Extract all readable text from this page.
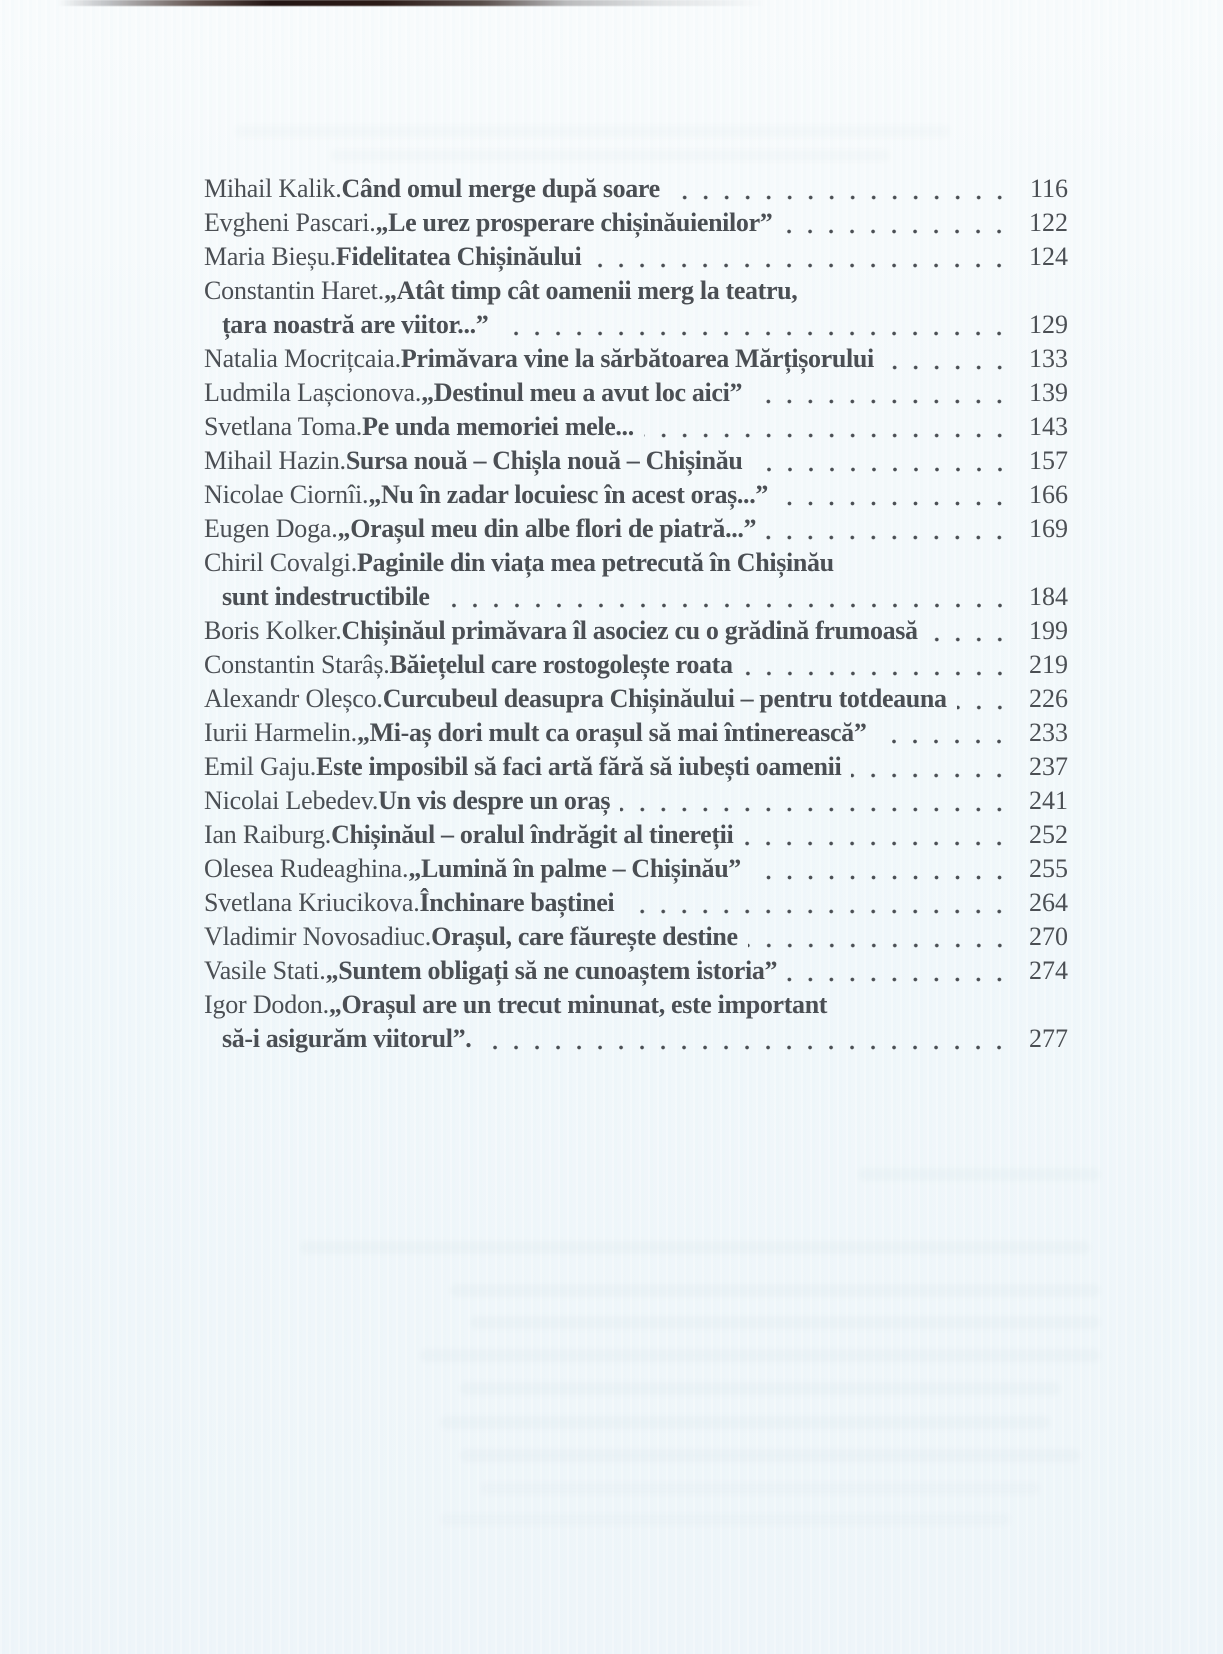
Mihail Kalik. Când omul merge după soare	116
Evgheni Pascari. „Le urez prosperare chișinăuienilor”	122
Maria Bieșu. Fidelitatea Chișinăului	124
Constantin Haret. „Atât timp cât oamenii merg la teatru,
țara noastră are viitor...”	129
Natalia Mocrițcaia. Primăvara vine la sărbătoarea Mărțișorului	133
Ludmila Lașcionova. „Destinul meu a avut loc aici”	139
Svetlana Toma. Pe unda memoriei mele...	143
Mihail Hazin. Sursa nouă – Chișla nouă – Chișinău	157
Nicolae Ciornîi. „Nu în zadar locuiesc în acest oraș...”	166
Eugen Doga. „Orașul meu din albe flori de piatră...”	169
Chiril Covalgi. Paginile din viața mea petrecută în Chișinău
sunt indestructibile	184
Boris Kolker. Chișinăul primăvara îl asociez cu o grădină frumoasă	199
Constantin Starâș. Băiețelul care rostogolește roata	219
Alexandr Oleșco. Curcubeul deasupra Chișinăului – pentru totdeauna	226
Iurii Harmelin. „Mi-aș dori mult ca orașul să mai întinerească”	233
Emil Gaju. Este imposibil să faci artă fără să iubești oamenii	237
Nicolai Lebedev. Un vis despre un oraș	241
Ian Raiburg. Chișinăul – oralul îndrăgit al tinereții	252
Olesea Rudeaghina. „Lumină în palme – Chișinău”	255
Svetlana Kriucikova. Închinare baștinei	264
Vladimir Novosadiuc. Orașul, care făurește destine	270
Vasile Stati. „Suntem obligați să ne cunoaștem istoria”	274
Igor Dodon. „Orașul are un trecut minunat, este important
să-i asigurăm viitorul”.	277
